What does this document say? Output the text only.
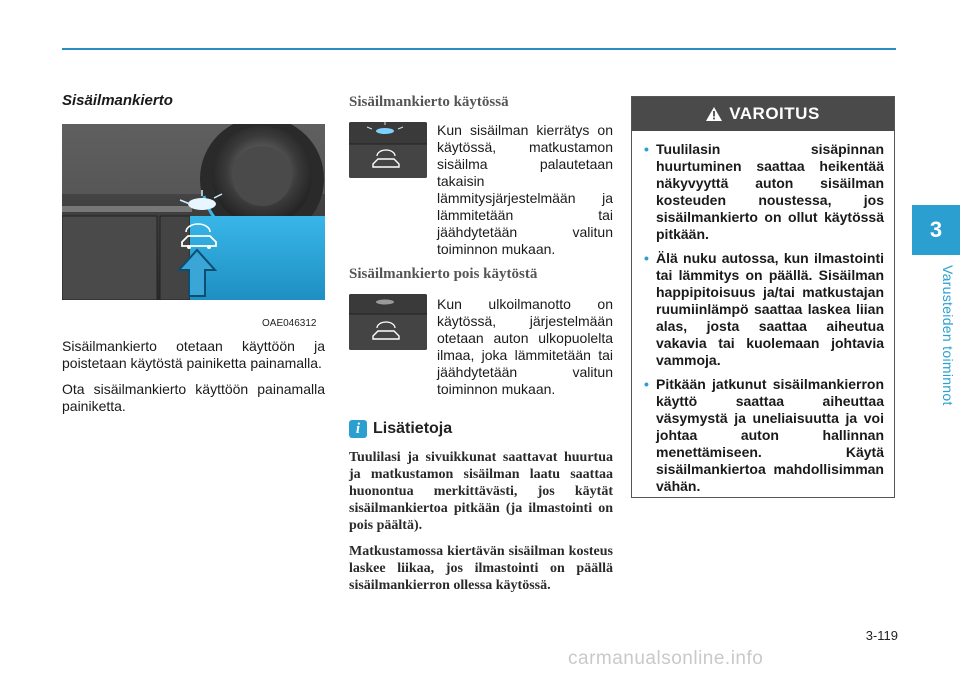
3
Varusteiden toiminnot
Sisäilmankierto
OAE046312

Sisäilmankierto otetaan käyttöön ja poistetaan käytöstä painiketta painamalla.

Ota sisäilmankierto käyttöön painamalla painiketta.

Sisäilmankierto käytössä
Kun sisäilman kierrätys on käytössä, matkustamon sisäilma palautetaan takaisin lämmitysjärjestelmään ja lämmitetään tai jäähdytetään valitun toiminnon mukaan.
Sisäilmankierto pois käytöstä
Kun ulkoilmanotto on käytössä, järjestelmään otetaan auton ulkopuolelta ilmaa, joka lämmitetään tai jäähdytetään valitun toiminnon mukaan.
i Lisätietoja

Tuulilasi ja sivuikkunat saattavat huurtua ja matkustamon sisäilman laatu saattaa huonontua merkittävästi, jos käytät sisäilmankiertoa pitkään (ja ilmastointi on pois päältä).

Matkustamossa kiertävän sisäilman kosteus laskee liikaa, jos ilmastointi on päällä sisäilmankierron ollessa käytössä.

VAROITUS
• Tuulilasin sisäpinnan huurtuminen saattaa heikentää näkyvyyttä auton sisäilman kosteuden noustessa, jos sisäilmankierto on ollut käytössä pitkään.
• Älä nuku autossa, kun ilmastointi tai lämmitys on päällä. Sisäilman happipitoisuus ja/tai matkustajan ruumiinlämpö saattaa laskea liian alas, josta saattaa aiheutua vakavia tai kuolemaan johtavia vammoja.
• Pitkään jatkunut sisäilmankierron käyttö saattaa aiheuttaa väsymystä ja uneliaisuutta ja voi johtaa auton hallinnan menettämiseen. Käytä sisäilmankiertoa mahdollisimman vähän.
3-119
carmanualsonline.info
